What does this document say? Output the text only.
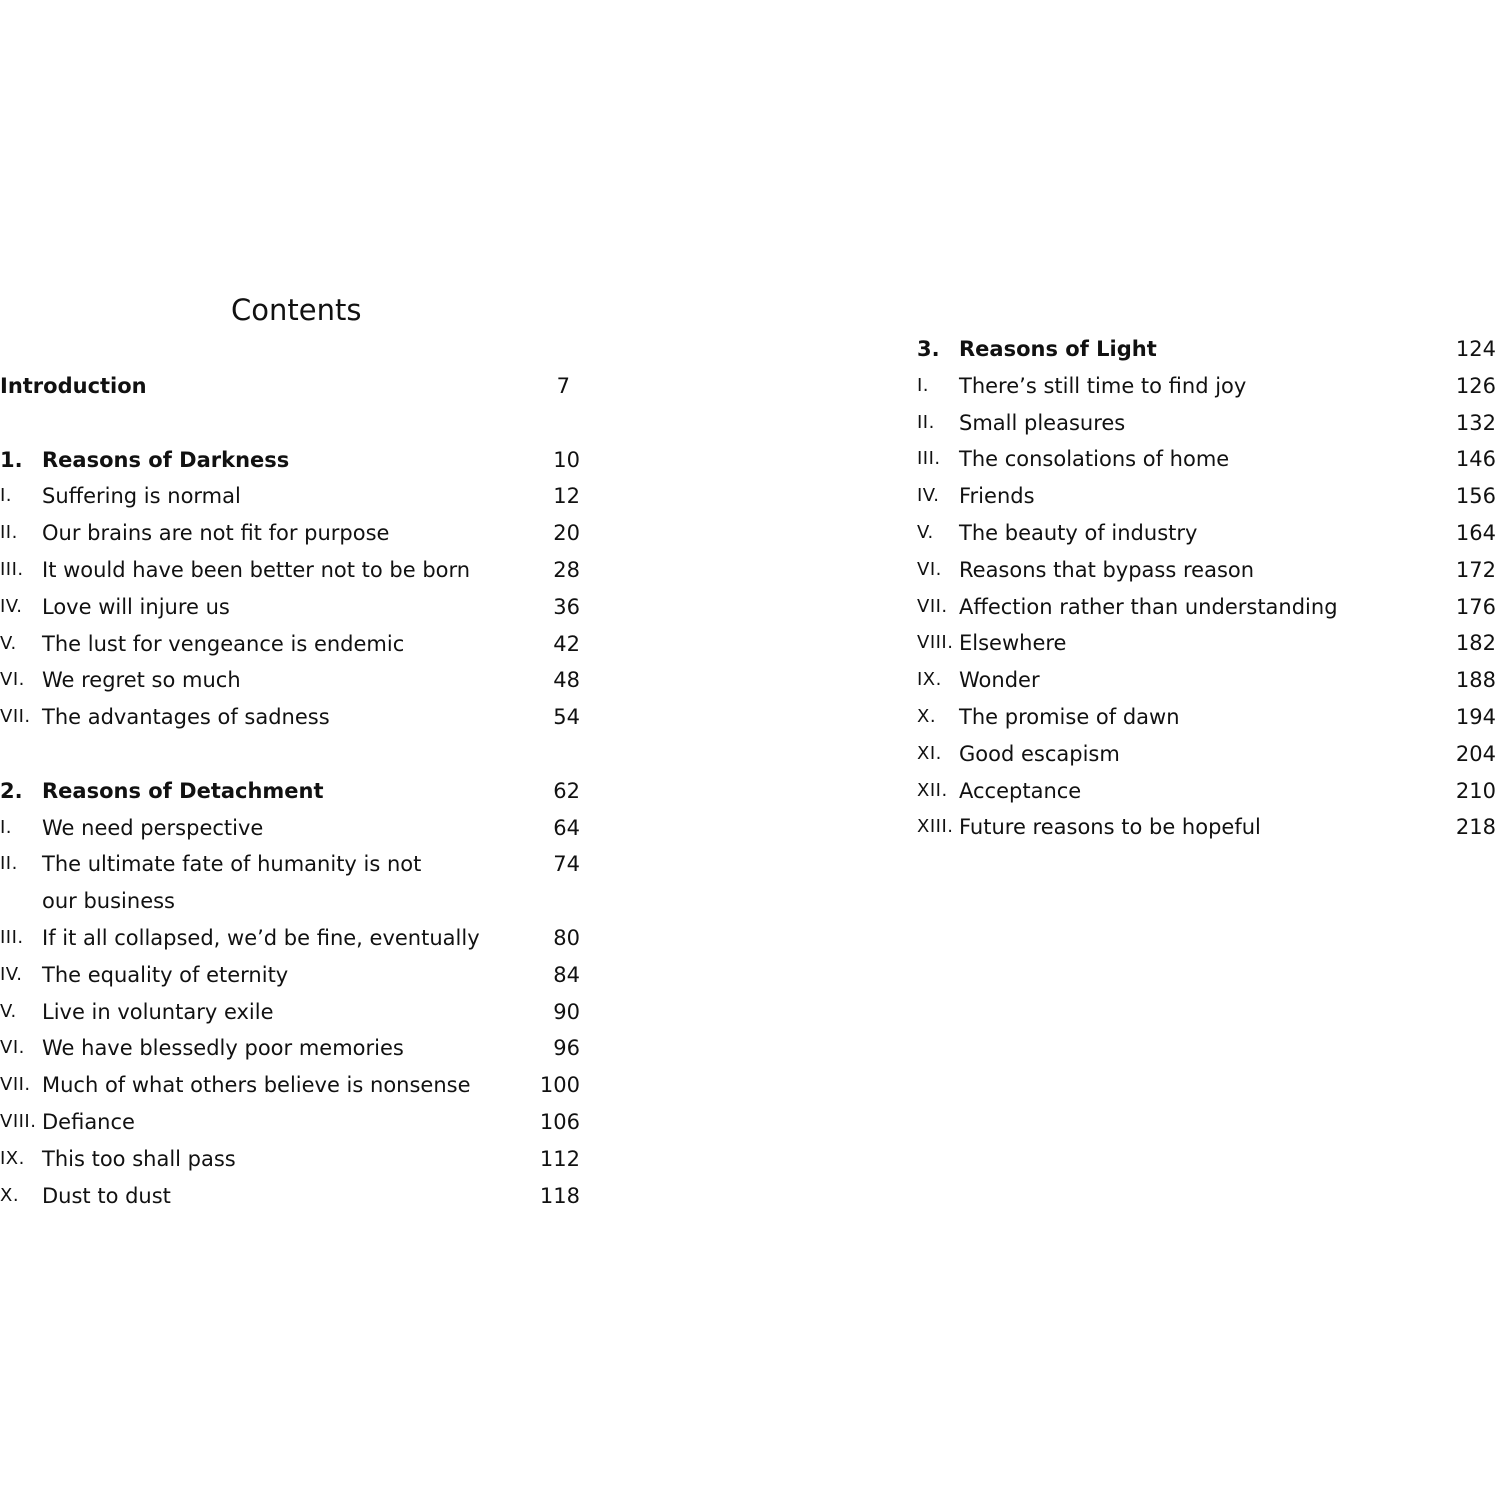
Contents
Introduction	7
1. Reasons of Darkness	10
I. Suffering is normal	12
II. Our brains are not fit for purpose	20
III. It would have been better not to be born	28
IV. Love will injure us	36
V. The lust for vengeance is endemic	42
VI. We regret so much	48
VII. The advantages of sadness	54
2. Reasons of Detachment	62
I. We need perspective	64
II. The ultimate fate of humanity is not	74
our business
III. If it all collapsed, we’d be fine, eventually	80
IV. The equality of eternity	84
V. Live in voluntary exile	90
VI. We have blessedly poor memories	96
VII. Much of what others believe is nonsense	100
VIII. Defiance	106
IX. This too shall pass	112
X. Dust to dust	118
3. Reasons of Light	124
I. There’s still time to find joy	126
II. Small pleasures	132
III. The consolations of home	146
IV. Friends	156
V. The beauty of industry	164
VI. Reasons that bypass reason	172
VII. Affection rather than understanding	176
VIII. Elsewhere	182
IX. Wonder	188
X. The promise of dawn	194
XI. Good escapism	204
XII. Acceptance	210
XIII. Future reasons to be hopeful	218
